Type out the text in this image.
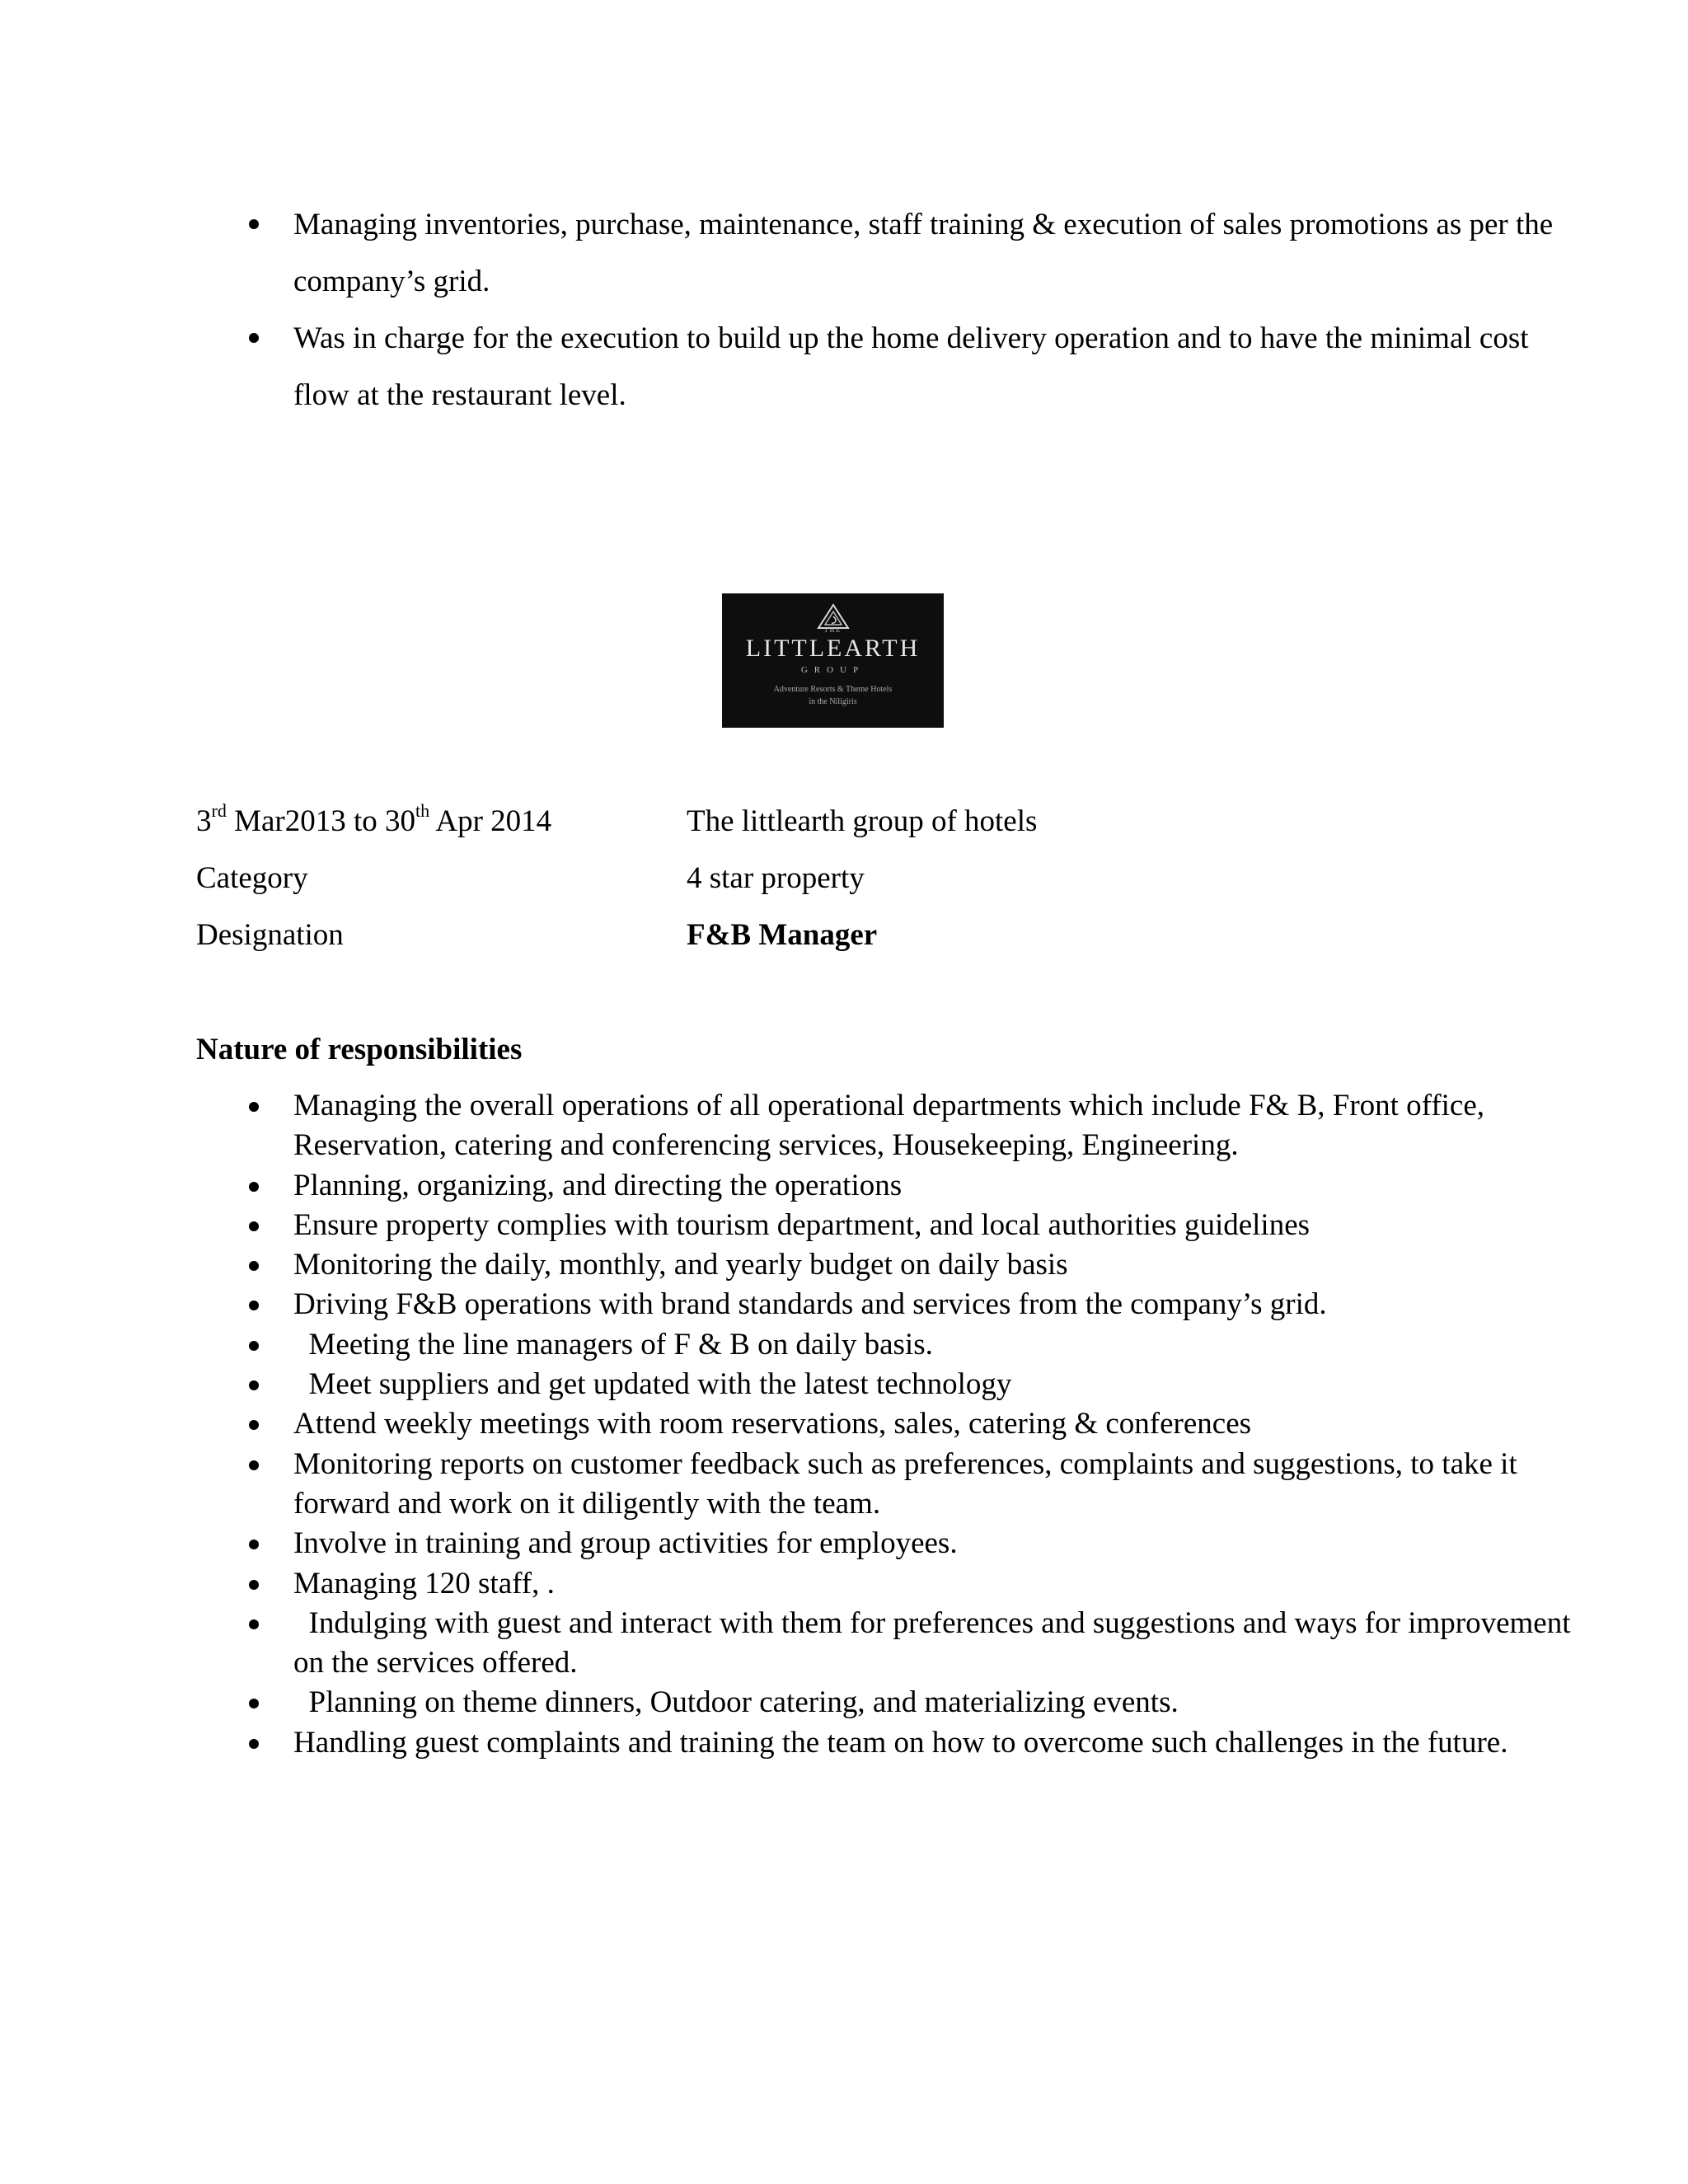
Managing inventories, purchase, maintenance, staff training & execution of sales promotions as per the company’s grid.
Was in charge for the execution to build up the home delivery operation and to have the minimal cost flow at the restaurant level.
THE
LITTLEARTH
GROUP
Adventure Resorts & Theme Hotels
in the Niligiris
3rd Mar2013 to 30th Apr 2014	The littlearth group of hotels
Category	4 star property
Designation	F&B Manager
Nature of responsibilities
Managing the overall operations of all operational departments which include F& B, Front office, Reservation, catering and conferencing services, Housekeeping, Engineering.
Planning, organizing, and directing the operations
Ensure property complies with tourism department, and local authorities guidelines
Monitoring the daily, monthly, and yearly budget on daily basis
Driving F&B operations with brand standards and services from the company’s grid.
Meeting the line managers of F & B on daily basis.
Meet suppliers and get updated with the latest technology
Attend weekly meetings with room reservations, sales, catering & conferences
Monitoring reports on customer feedback such as preferences, complaints and suggestions, to take it forward and work on it diligently with the team.
Involve in training and group activities for employees.
Managing 120 staff, .
Indulging with guest and interact with them for preferences and suggestions and ways for improvement on the services offered.
Planning on theme dinners, Outdoor catering, and materializing events.
Handling guest complaints and training the team on how to overcome such challenges in the future.
